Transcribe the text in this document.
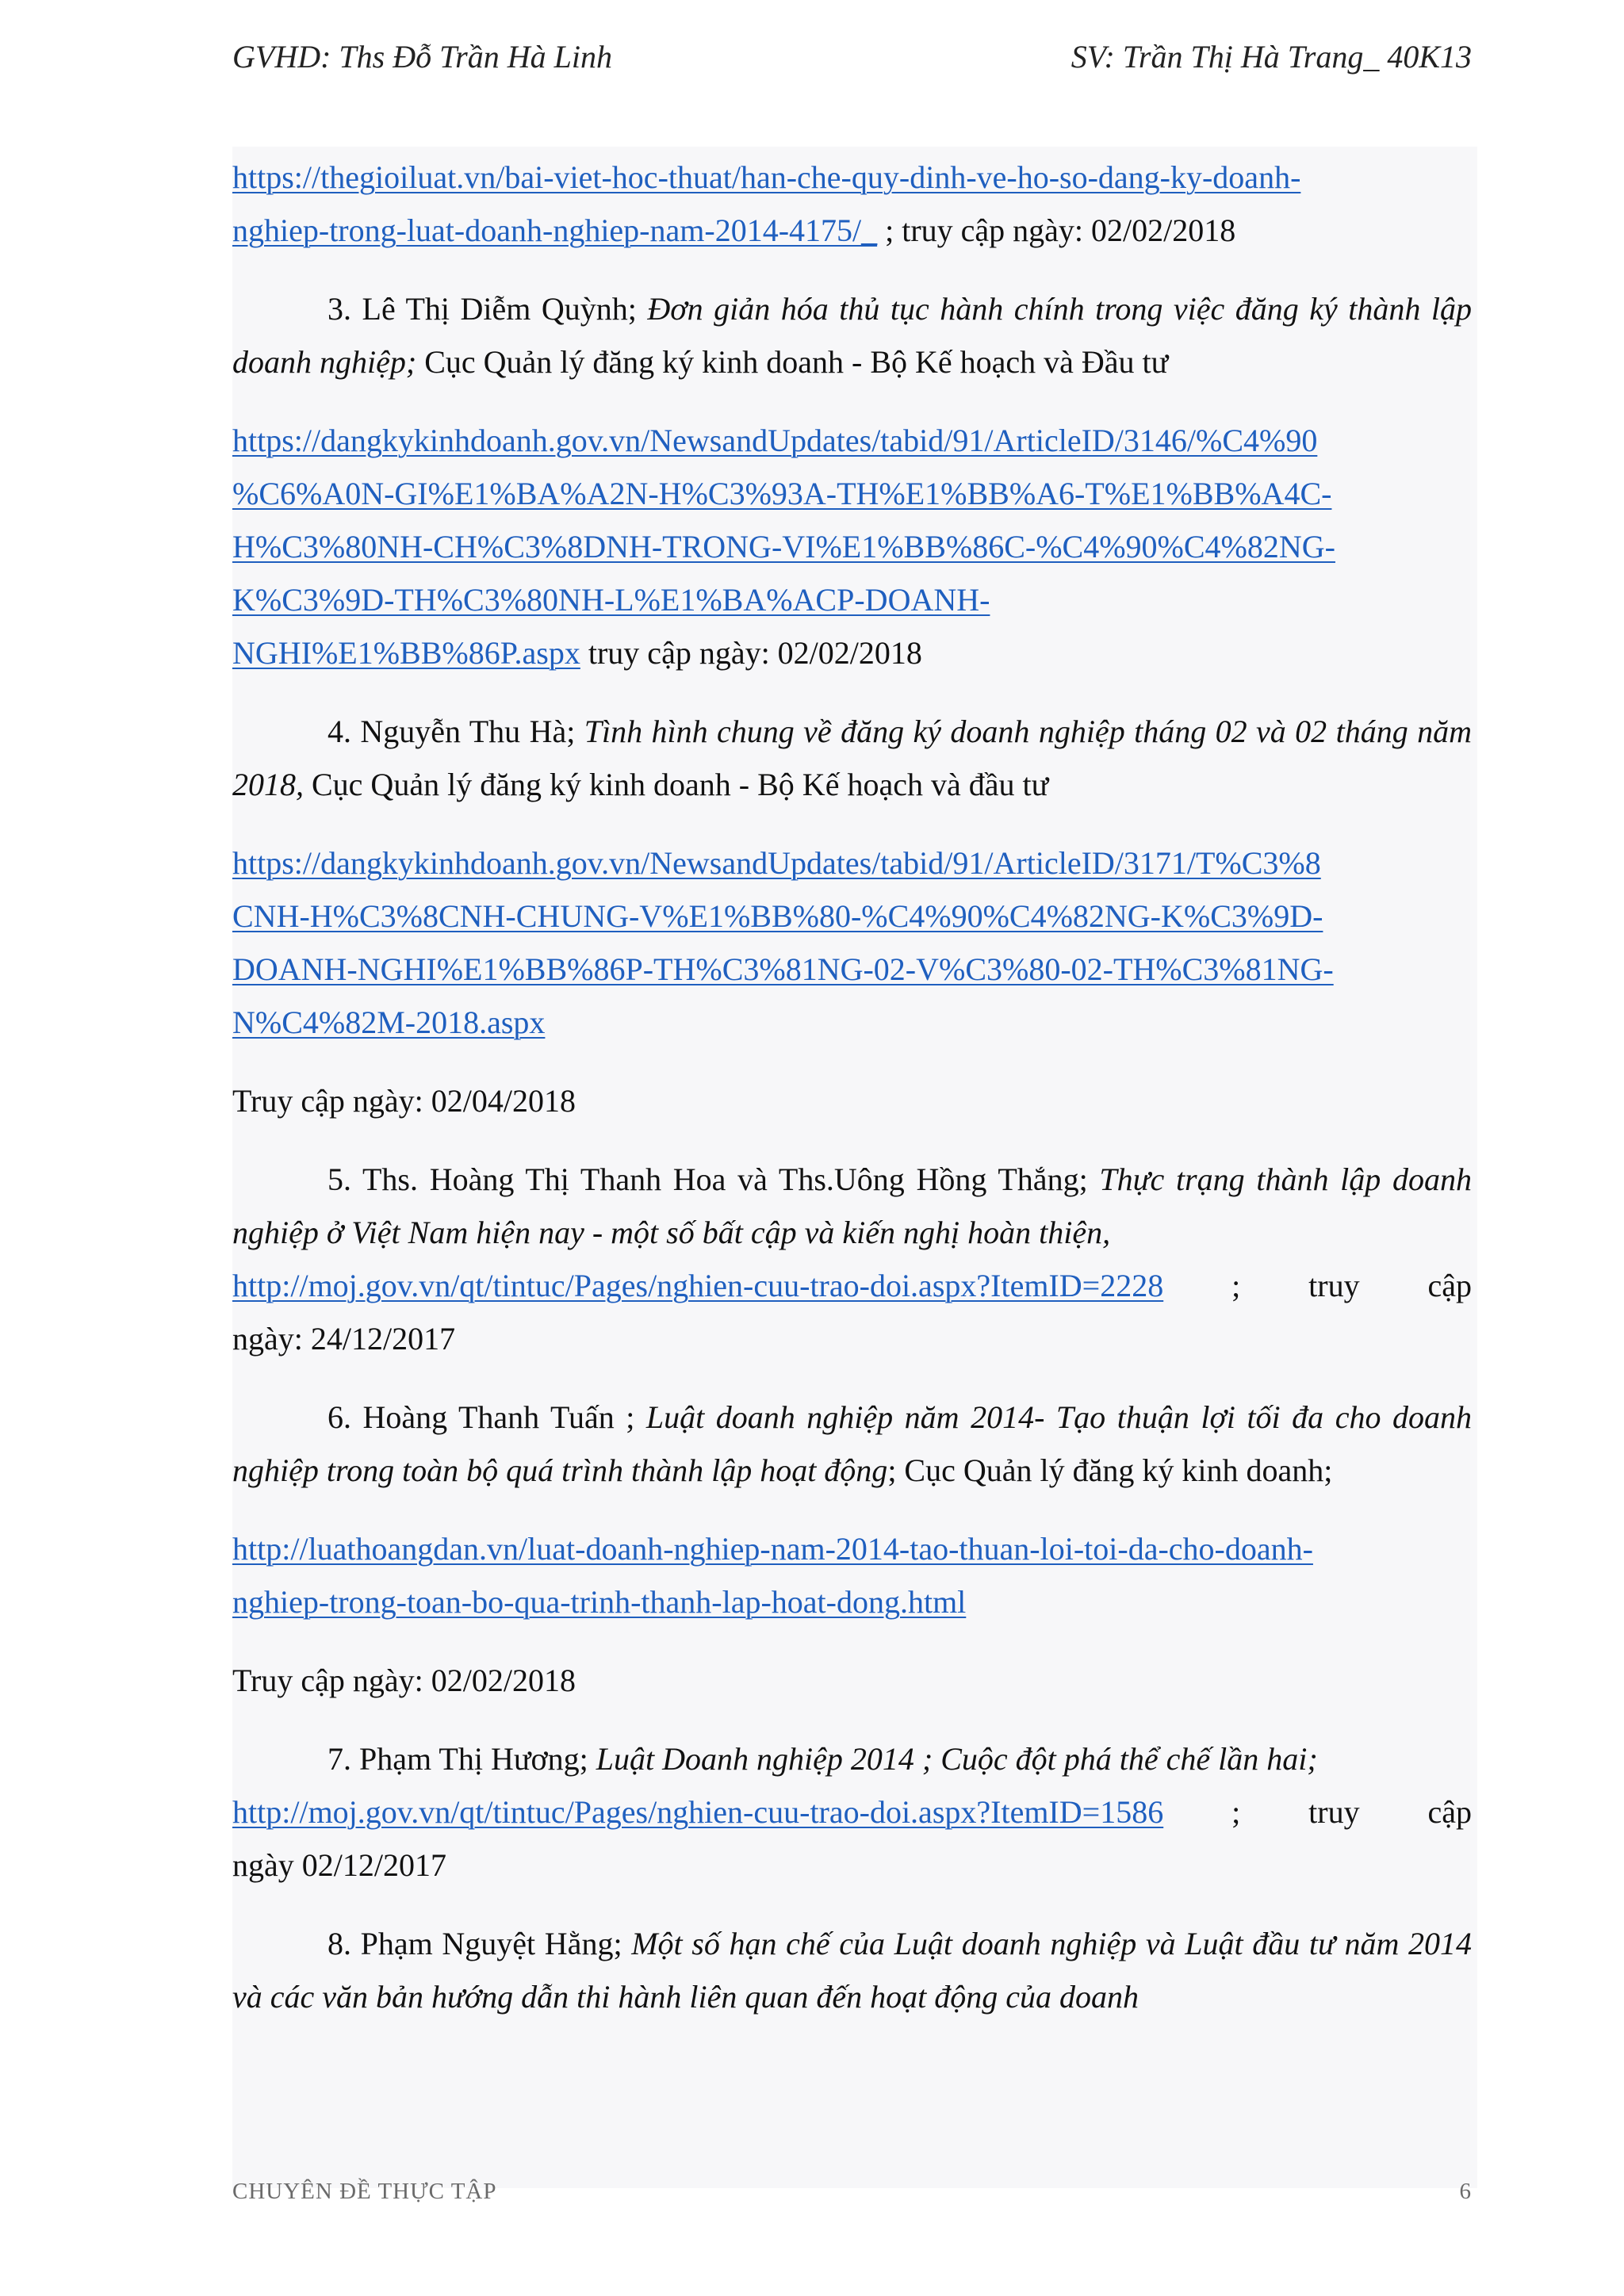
GVHD: Ths Đỗ Trần Hà Linh	SV: Trần Thị Hà Trang_ 40K13

https://thegioiluat.vn/bai-viet-hoc-thuat/han-che-quy-dinh-ve-ho-so-dang-ky-doanh-
nghiep-trong-luat-doanh-nghiep-nam-2014-4175/_ ; truy cập ngày: 02/02/2018

3. Lê Thị Diễm Quỳnh; Đơn giản hóa thủ tục hành chính trong việc đăng ký thành lập doanh nghiệp; Cục Quản lý đăng ký kinh doanh - Bộ Kế hoạch và Đầu tư

https://dangkykinhdoanh.gov.vn/NewsandUpdates/tabid/91/ArticleID/3146/%C4%90
%C6%A0N-GI%E1%BA%A2N-H%C3%93A-TH%E1%BB%A6-T%E1%BB%A4C-
H%C3%80NH-CH%C3%8DNH-TRONG-VI%E1%BB%86C-%C4%90%C4%82NG-
K%C3%9D-TH%C3%80NH-L%E1%BA%ACP-DOANH-
NGHI%E1%BB%86P.aspx truy cập ngày: 02/02/2018

4. Nguyễn Thu Hà; Tình hình chung về đăng ký doanh nghiệp tháng 02 và 02 tháng năm 2018, Cục Quản lý đăng ký kinh doanh - Bộ Kế hoạch và đầu tư

https://dangkykinhdoanh.gov.vn/NewsandUpdates/tabid/91/ArticleID/3171/T%C3%8
CNH-H%C3%8CNH-CHUNG-V%E1%BB%80-%C4%90%C4%82NG-K%C3%9D-
DOANH-NGHI%E1%BB%86P-TH%C3%81NG-02-V%C3%80-02-TH%C3%81NG-
N%C4%82M-2018.aspx

Truy cập ngày: 02/04/2018

5. Ths. Hoàng Thị Thanh Hoa và Ths.Uông Hồng Thắng; Thực trạng thành lập doanh nghiệp ở Việt Nam hiện nay - một số bất cập và kiến nghị hoàn thiện,
http://moj.gov.vn/qt/tintuc/Pages/nghien-cuu-trao-doi.aspx?ItemID=2228 ; truy cập
ngày: 24/12/2017

6. Hoàng Thanh Tuấn ; Luật doanh nghiệp năm 2014- Tạo thuận lợi tối đa cho doanh nghiệp trong toàn bộ quá trình thành lập hoạt động; Cục Quản lý đăng ký kinh doanh;

http://luathoangdan.vn/luat-doanh-nghiep-nam-2014-tao-thuan-loi-toi-da-cho-doanh-
nghiep-trong-toan-bo-qua-trinh-thanh-lap-hoat-dong.html

Truy cập ngày: 02/02/2018

7. Phạm Thị Hương; Luật Doanh nghiệp 2014 ; Cuộc đột phá thể chế lần hai;
http://moj.gov.vn/qt/tintuc/Pages/nghien-cuu-trao-doi.aspx?ItemID=1586 ; truy cập
ngày 02/12/2017

8. Phạm Nguyệt Hằng; Một số hạn chế của Luật doanh nghiệp và Luật đầu tư năm 2014 và các văn bản hướng dẫn thi hành liên quan đến hoạt động của doanh

CHUYÊN ĐỀ THỰC TẬP	6
